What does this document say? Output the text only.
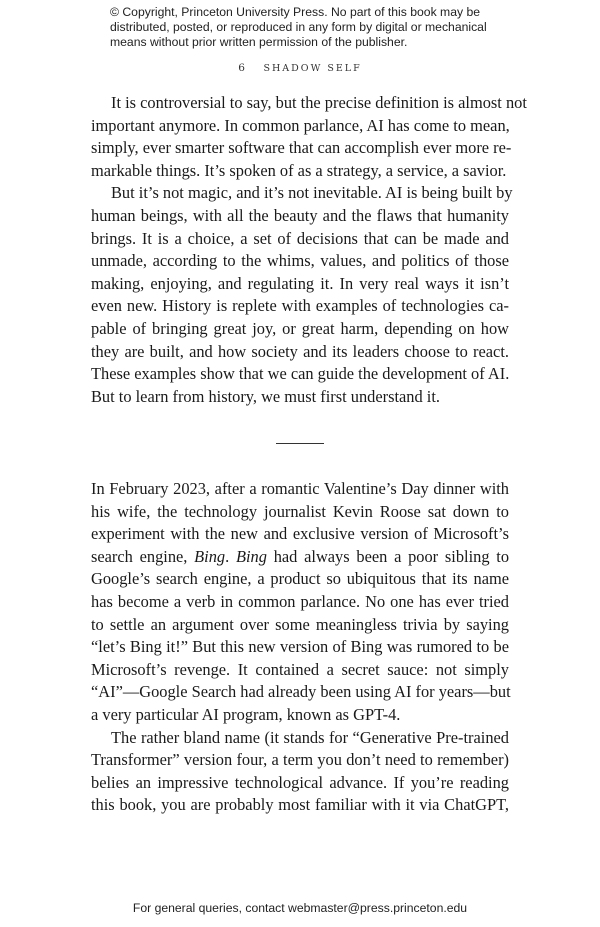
© Copyright, Princeton University Press. No part of this book may be
distributed, posted, or reproduced in any form by digital or mechanical
means without prior written permission of the publisher.
6 SHADOW SELF
It is controversial to say, but the precise definition is almost not
important anymore. In common parlance, AI has come to mean,
simply, ever smarter software that can accomplish ever more re-
markable things. It’s spoken of as a strategy, a service, a savior.
But it’s not magic, and it’s not inevitable. AI is being built by
human beings, with all the beauty and the flaws that humanity
brings. It is a choice, a set of decisions that can be made and
unmade, according to the whims, values, and politics of those
making, enjoying, and regulating it. In very real ways it isn’t
even new. History is replete with examples of technologies ca-
pable of bringing great joy, or great harm, depending on how
they are built, and how society and its leaders choose to react.
These examples show that we can guide the development of AI.
But to learn from history, we must first understand it.
In February 2023, after a romantic Valentine’s Day dinner with
his wife, the technology journalist Kevin Roose sat down to
experiment with the new and exclusive version of Microsoft’s
search engine, Bing. Bing had always been a poor sibling to
Google’s search engine, a product so ubiquitous that its name
has become a verb in common parlance. No one has ever tried
to settle an argument over some meaningless trivia by saying
“let’s Bing it!” But this new version of Bing was rumored to be
Microsoft’s revenge. It contained a secret sauce: not simply
“AI”—Google Search had already been using AI for years—but
a very particular AI program, known as GPT-4.
The rather bland name (it stands for “Generative Pre-trained
Transformer” version four, a term you don’t need to remember)
belies an impressive technological advance. If you’re reading
this book, you are probably most familiar with it via ChatGPT,
For general queries, contact webmaster@press.princeton.edu
